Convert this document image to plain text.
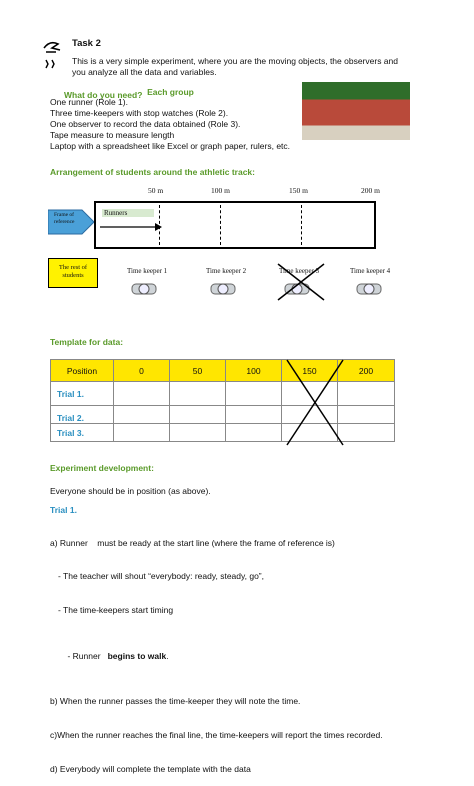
Task 2
This is a very simple experiment, where you are the moving objects, the observers and
you analyze all the data and variables.
What do you need? Each group
One runner (Role 1).
Three time-keepers with stop watches (Role 2).
One observer to record the data obtained (Role 3).
Tape measure to measure length
Laptop with a spreadsheet like Excel or graph paper, rulers, etc.
Arrangement of students around the athletic track:
50 m	100 m	150 m	200 m
Frame of reference
Runners
The rest of students
Time keeper 1	Time keeper 2	Time keeper 3	Time keeper 4
Template for data:
Position	0	50	100	150	200
Trial 1.					
Trial 2.					
Trial 3.					
Experiment development:
Everyone should be in position (as above).
Trial 1.

a) Runner    must be ready at the start line (where the frame of reference is)

- The teacher will shout “everybody: ready, steady, go”,

- The time-keepers start timing

- Runner   begins to walk.

b) When the runner passes the time-keeper they will note the time.

c)When the runner reaches the final line, the time-keepers will report the times recorded.

d) Everybody will complete the template with the data
